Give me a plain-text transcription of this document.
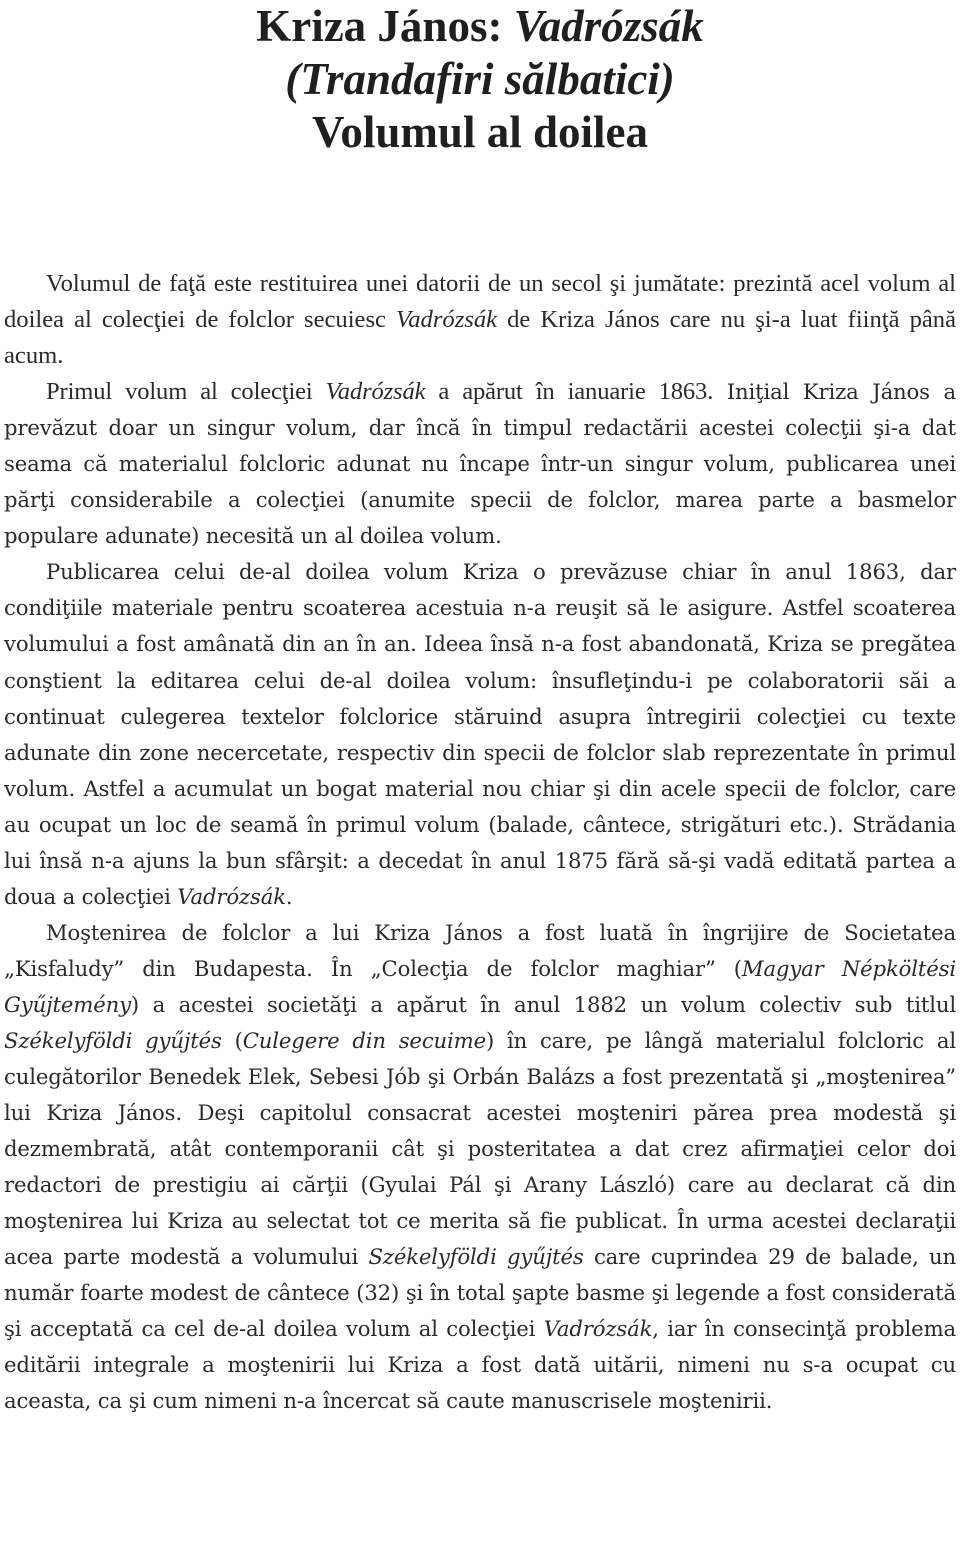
Kriza János: Vadrózsák
(Trandafiri sălbatici)
Volumul al doilea

Volumul de faţă este restituirea unei datorii de un secol şi jumătate: prezintă acel volum al doilea al colecţiei de folclor secuiesc Vadrózsák de Kriza János care nu şi-a luat fiinţă până acum.

Primul volum al colecţiei Vadrózsák a apărut în ianuarie 1863. Iniţial Kriza János a prevăzut doar un singur volum, dar încă în timpul redactării acestei colecţii şi-a dat seama că materialul folcloric adunat nu încape într-un singur volum, publicarea unei părţi considerabile a colecţiei (anumite specii de folclor, marea parte a basmelor populare adunate) necesită un al doilea volum.

Publicarea celui de-al doilea volum Kriza o prevăzuse chiar în anul 1863, dar condiţiile materiale pentru scoaterea acestuia n-a reuşit să le asigure. Astfel scoaterea volumului a fost amânată din an în an. Ideea însă n-a fost abandonată, Kriza se pregătea conştient la editarea celui de-al doilea volum: însufleţindu-i pe colaboratorii săi a continuat culegerea textelor folclorice stăruind asupra întregirii colecţiei cu texte adunate din zone necercetate, respectiv din specii de folclor slab reprezentate în primul volum. Astfel a acumulat un bogat material nou chiar şi din acele specii de folclor, care au ocupat un loc de seamă în primul volum (balade, cântece, strigături etc.). Strădania lui însă n-a ajuns la bun sfârşit: a decedat în anul 1875 fără să-şi vadă editată partea a doua a colecţiei Vadrózsák.

Moştenirea de folclor a lui Kriza János a fost luată în îngrijire de Societatea „Kisfaludy” din Budapesta. În „Colecţia de folclor maghiar” (Magyar Népköltési Gyűjtemény) a acestei societăţi a apărut în anul 1882 un volum colectiv sub titlul Székelyföldi gyűjtés (Culegere din secuime) în care, pe lângă materialul folcloric al culegătorilor Benedek Elek, Sebesi Jób şi Orbán Balázs a fost prezentată şi „moştenirea” lui Kriza János. Deşi capitolul consacrat acestei moşteniri părea prea modestă şi dezmembrată, atât contemporanii cât şi posteritatea a dat crez afirmaţiei celor doi redactori de prestigiu ai cărţii (Gyulai Pál şi Arany László) care au declarat că din moştenirea lui Kriza au selectat tot ce merita să fie publicat. În urma acestei declaraţii acea parte modestă a volumului Székelyföldi gyűjtés care cuprindea 29 de balade, un număr foarte modest de cântece (32) şi în total şapte basme şi legende a fost considerată şi acceptată ca cel de-al doilea volum al colecţiei Vadrózsák, iar în consecinţă problema editării integrale a moştenirii lui Kriza a fost dată uitării, nimeni nu s-a ocupat cu aceasta, ca şi cum nimeni n-a încercat să caute manuscrisele moştenirii.
